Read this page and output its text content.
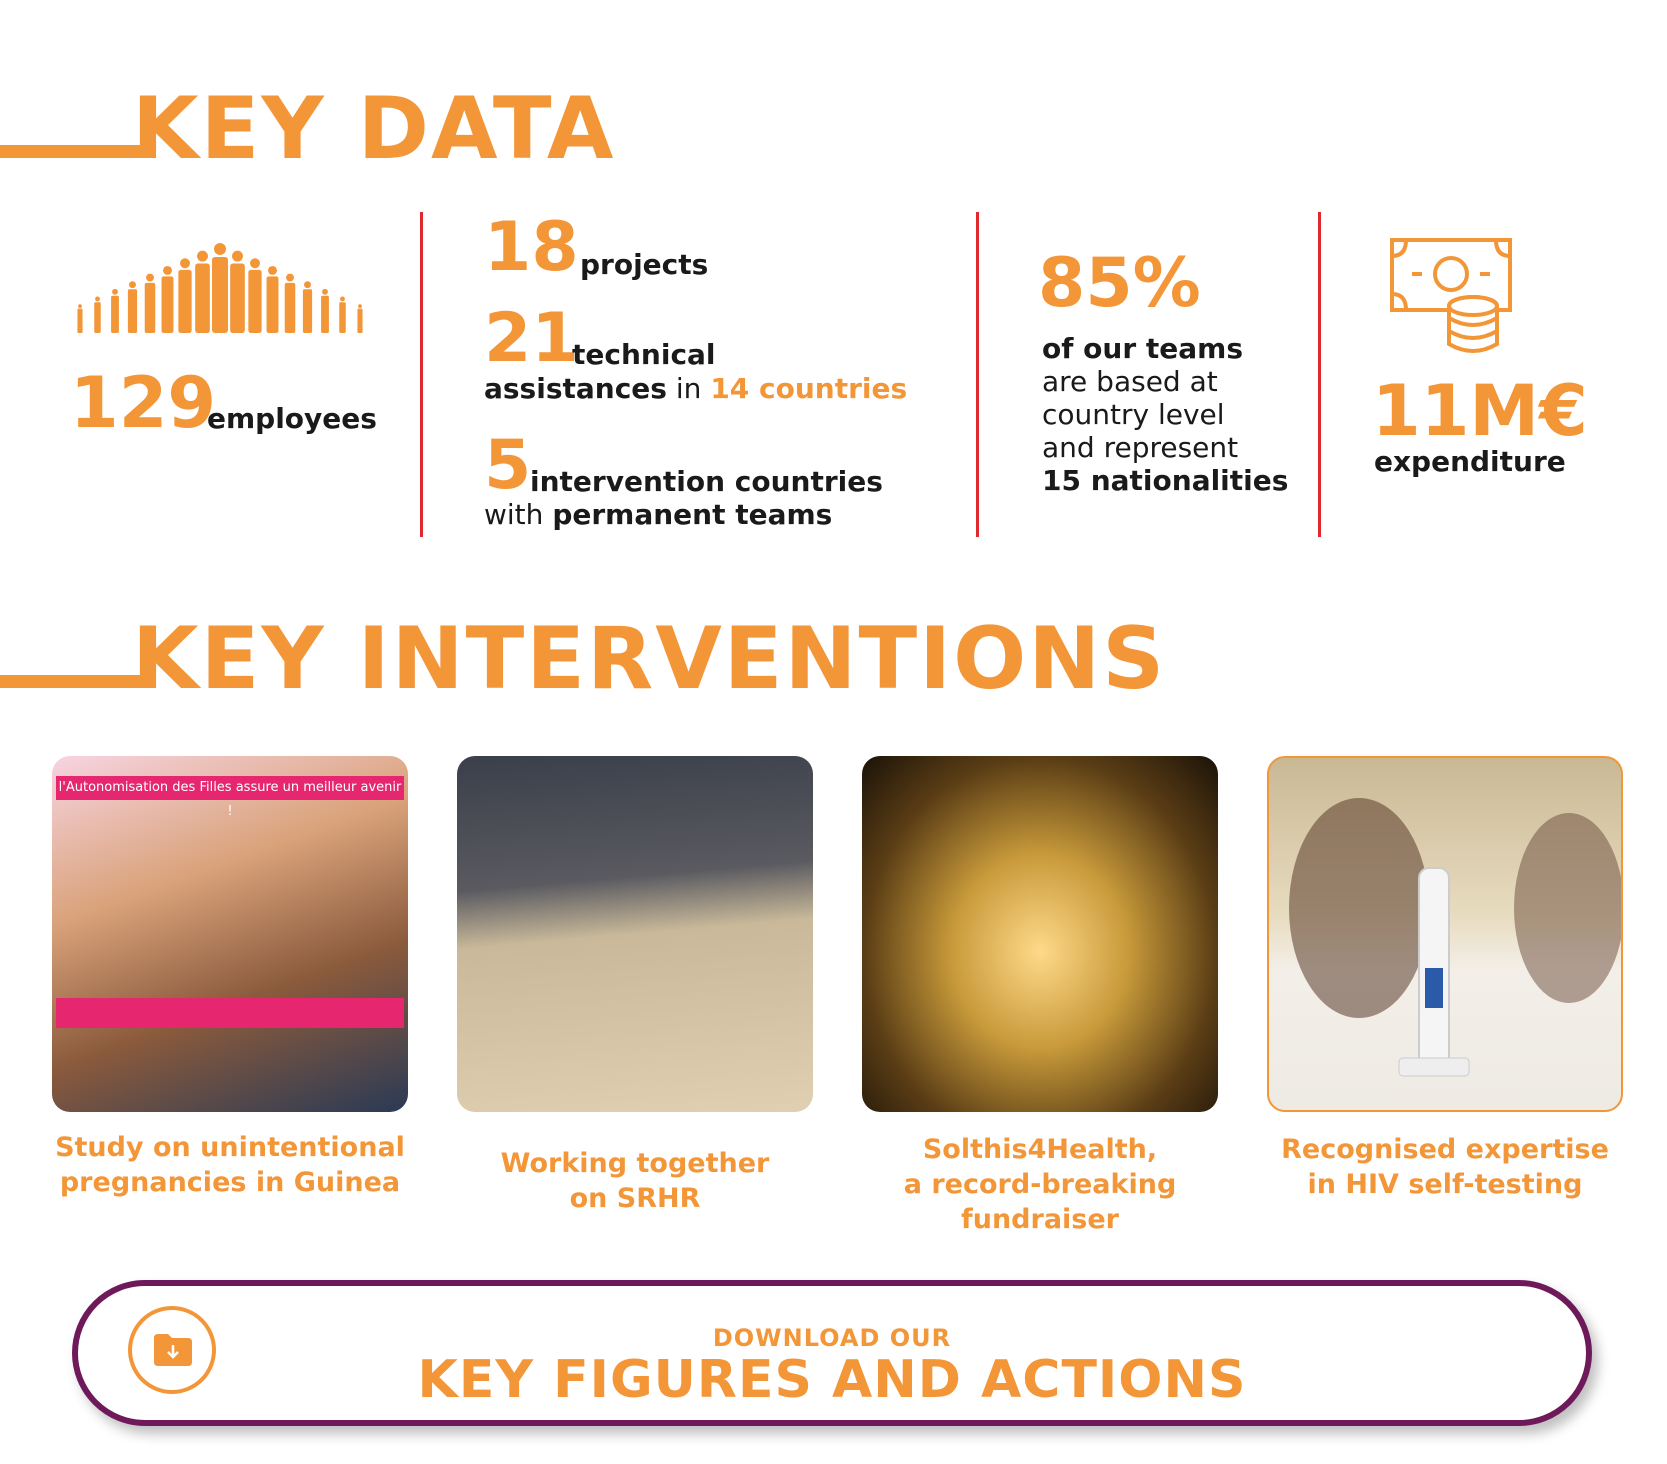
KEY DATA
129
employees
18 projects
21
technical
assistances in 14 countries
5
intervention countries
with permanent teams
85%
of our teams
are based at
country level
and represent
15 nationalities
11M€
expenditure
KEY INTERVENTIONS
l'Autonomisation des Filles assure un meilleur avenir !
Study on unintentional
pregnancies in Guinea
Working together
on SRHR
Solthis4Health,
a record-breaking
fundraiser
Recognised expertise
in HIV self-testing
DOWNLOAD OUR
KEY FIGURES AND ACTIONS
